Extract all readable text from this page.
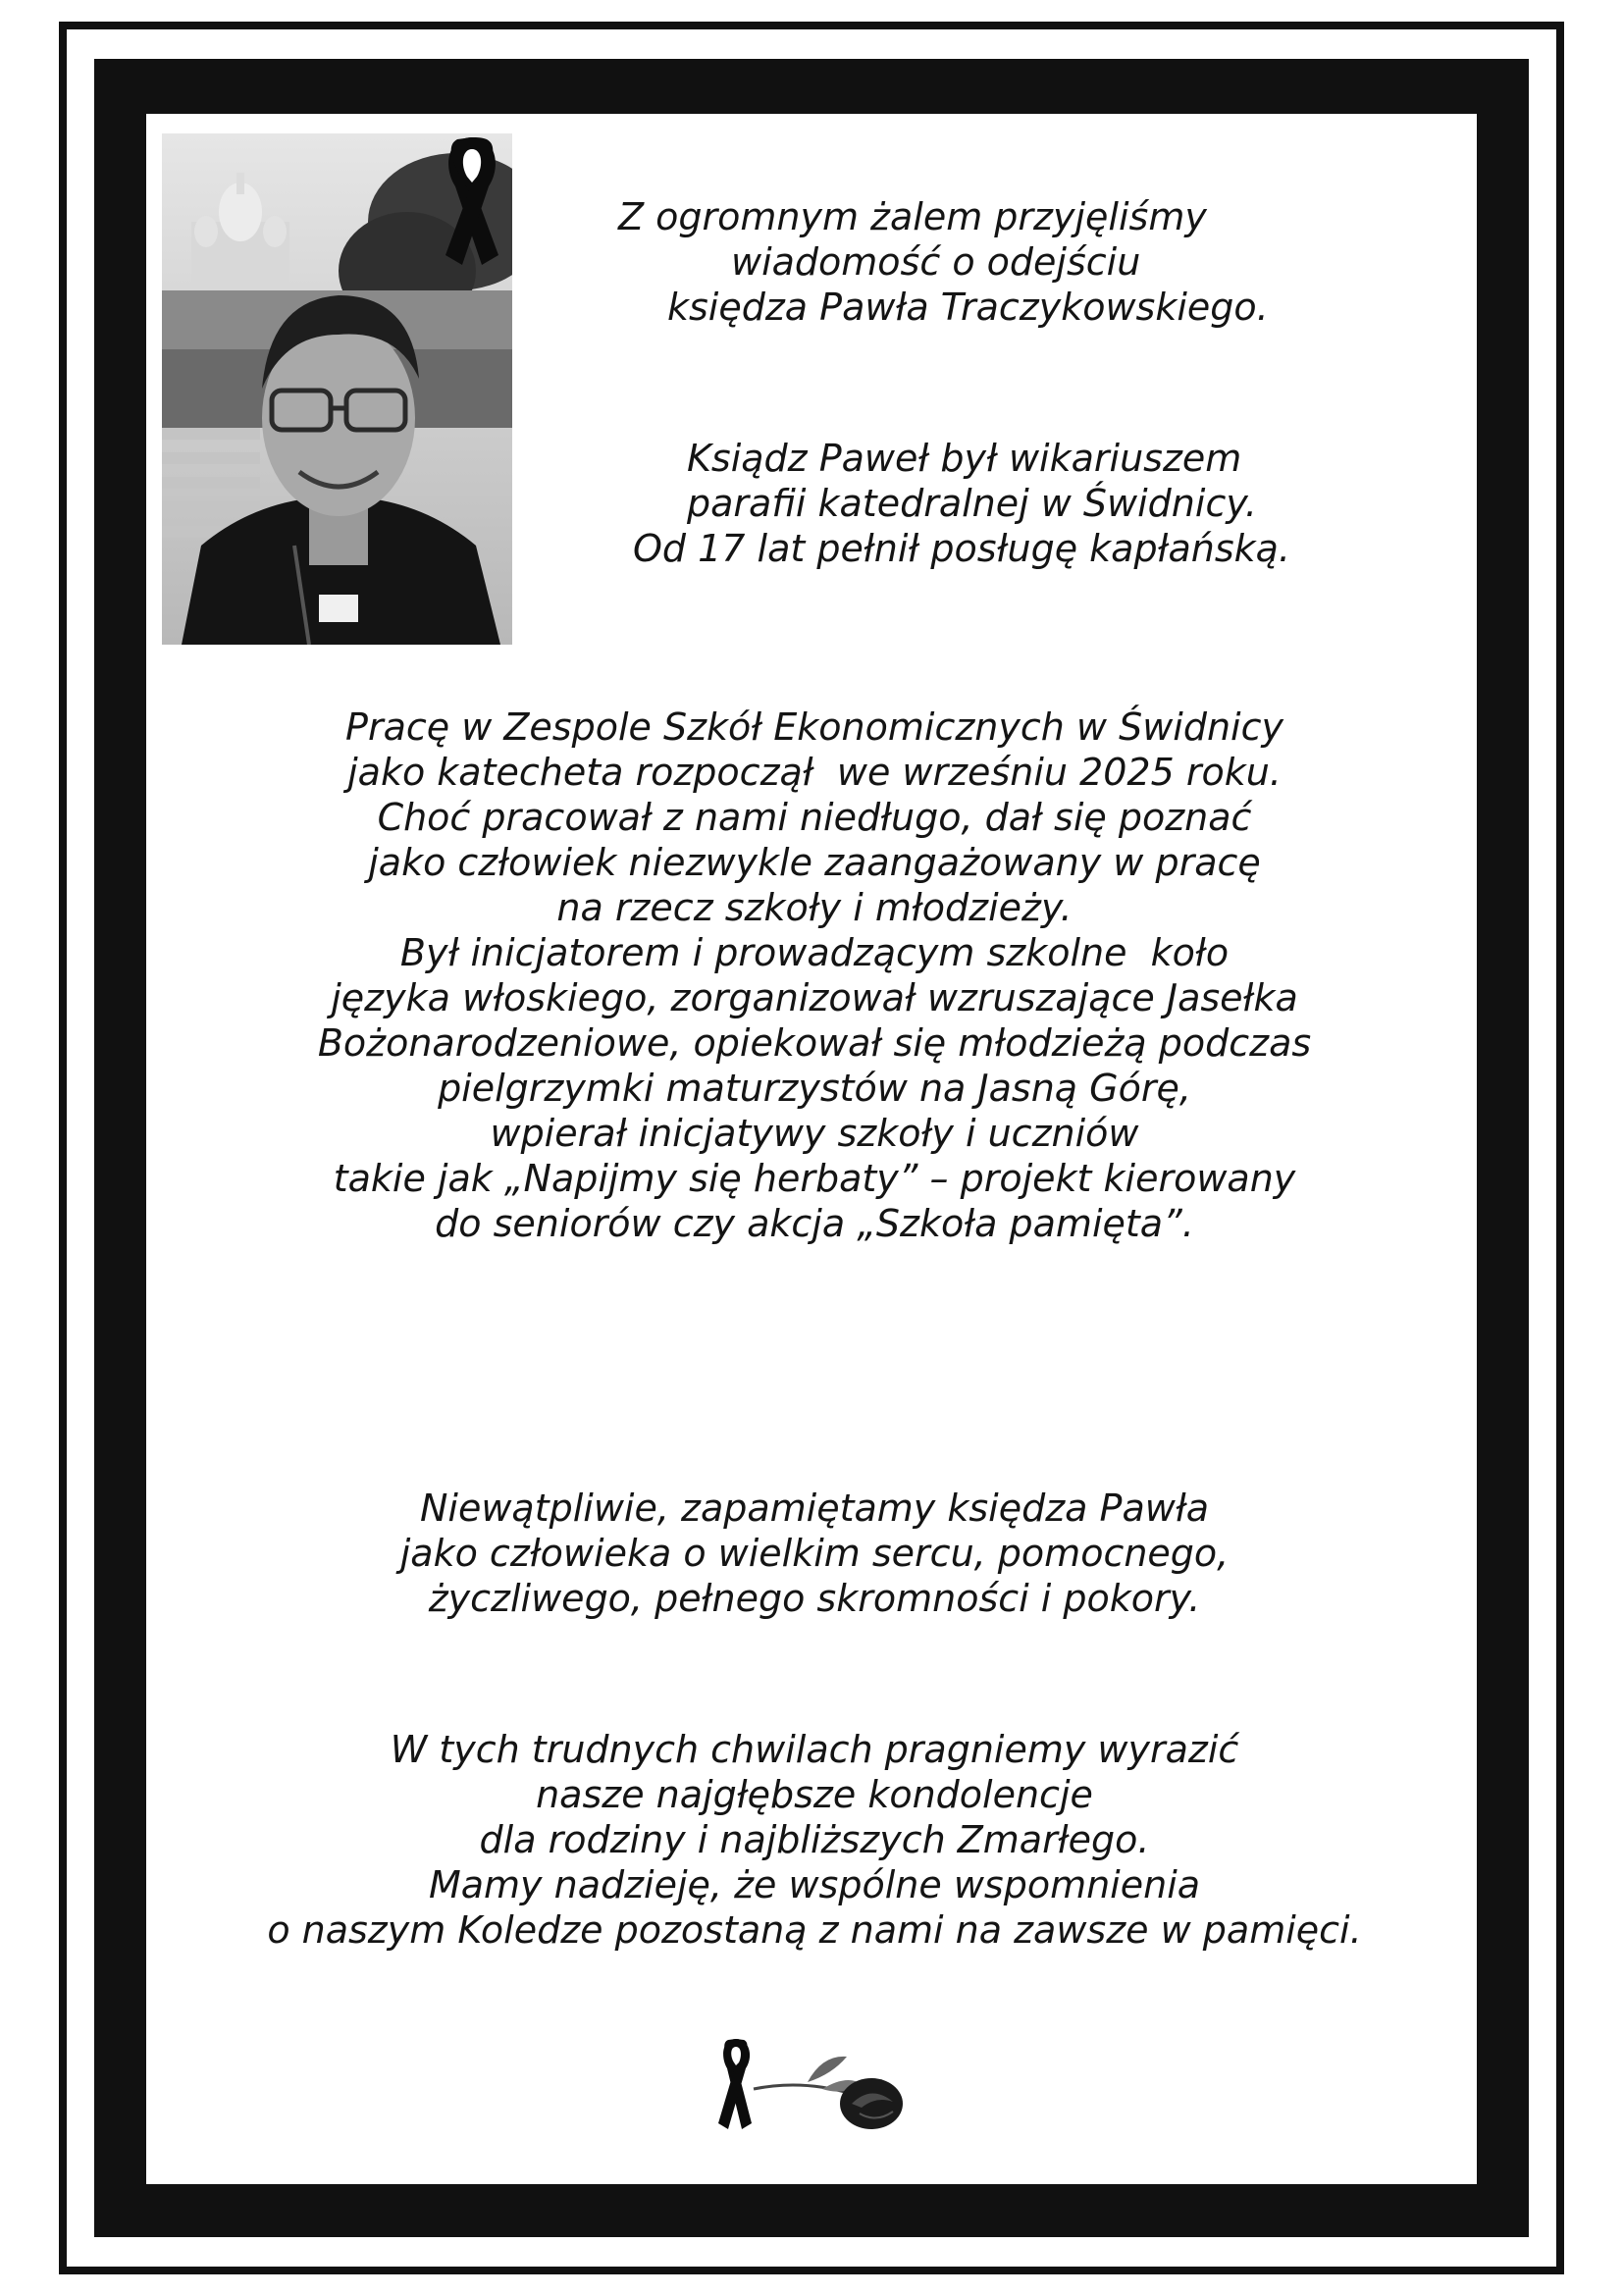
Z ogromnym żalem przyjęliśmy
wiadomość o odejściu
księdza Pawła Traczykowskiego.
Ksiądz Paweł był wikariuszem
parafii katedralnej w Świdnicy.
Od 17 lat pełnił posługę kapłańską.
Pracę w Zespole Szkół Ekonomicznych w Świdnicy
jako katecheta rozpoczął  we wrześniu 2025 roku.
Choć pracował z nami niedługo, dał się poznać
jako człowiek niezwykle zaangażowany w pracę
na rzecz szkoły i młodzieży.
Był inicjatorem i prowadzącym szkolne  koło
języka włoskiego, zorganizował wzruszające Jasełka
Bożonarodzeniowe, opiekował się młodzieżą podczas
pielgrzymki maturzystów na Jasną Górę,
wpierał inicjatywy szkoły i uczniów
takie jak „Napijmy się herbaty” – projekt kierowany
do seniorów czy akcja „Szkoła pamięta”.
Niewątpliwie, zapamiętamy księdza Pawła
jako człowieka o wielkim sercu, pomocnego,
życzliwego, pełnego skromności i pokory.
W tych trudnych chwilach pragniemy wyrazić
nasze najgłębsze kondolencje
dla rodziny i najbliższych Zmarłego.
Mamy nadzieję, że wspólne wspomnienia
o naszym Koledze pozostaną z nami na zawsze w pamięci.
